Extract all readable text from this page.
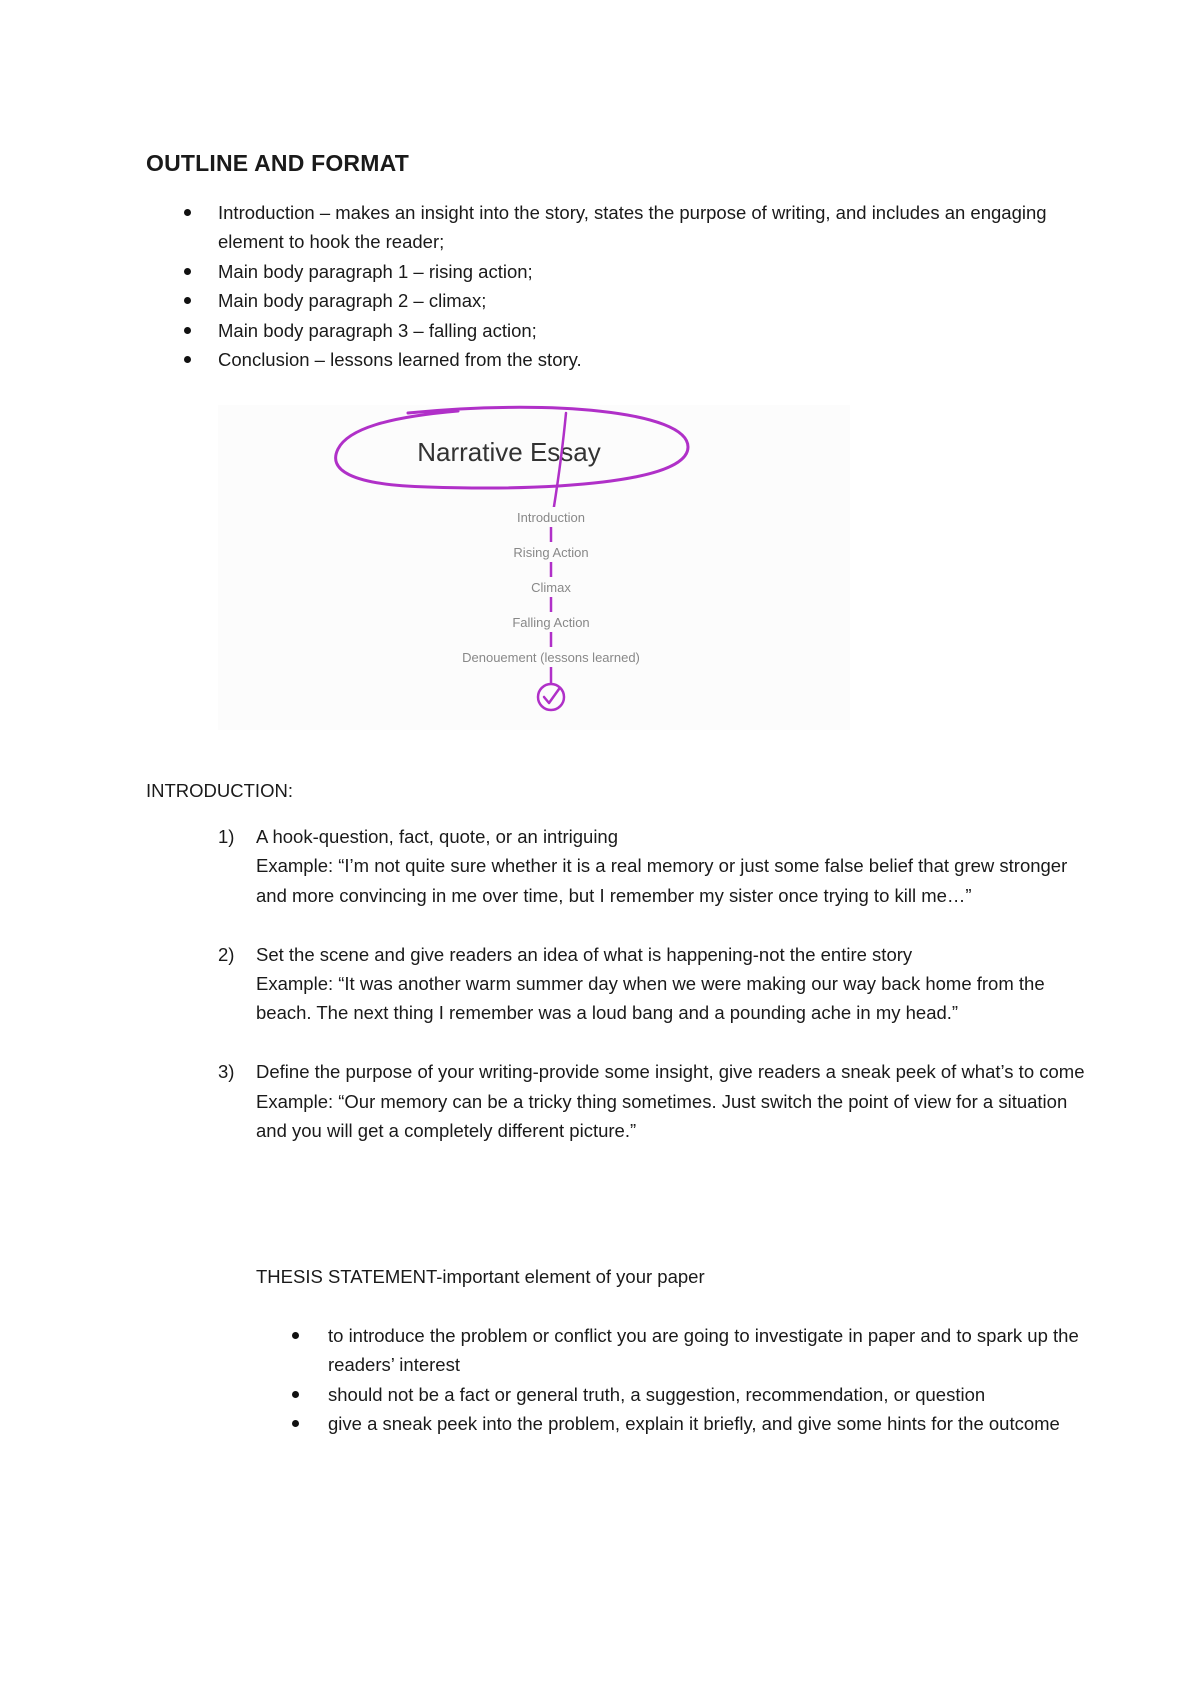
OUTLINE AND FORMAT
Introduction – makes an insight into the story, states the purpose of writing, and includes an engaging element to hook the reader;
Main body paragraph 1 – rising action;
Main body paragraph 2 – climax;
Main body paragraph 3 – falling action;
Conclusion – lessons learned from the story.
Narrative Essay
Introduction
Rising Action
Climax
Falling Action
Denouement (lessons learned)

INTRODUCTION:

1) A hook-question, fact, quote, or an intriguing

Example: “I’m not quite sure whether it is a real memory or just some false belief that grew stronger and more convincing in me over time, but I remember my sister once trying to kill me…”

2) Set the scene and give readers an idea of what is happening-not the entire story

Example: “It was another warm summer day when we were making our way back home from the beach. The next thing I remember was a loud bang and a pounding ache in my head.”

3) Define the purpose of your writing-provide some insight, give readers a sneak peek of what’s to come

Example: “Our memory can be a tricky thing sometimes. Just switch the point of view for a situation and you will get a completely different picture.”

THESIS STATEMENT-important element of your paper

to introduce the problem or conflict you are going to investigate in paper and to spark up the readers’ interest
should not be a fact or general truth, a suggestion, recommendation, or question
give a sneak peek into the problem, explain it briefly, and give some hints for the outcome
